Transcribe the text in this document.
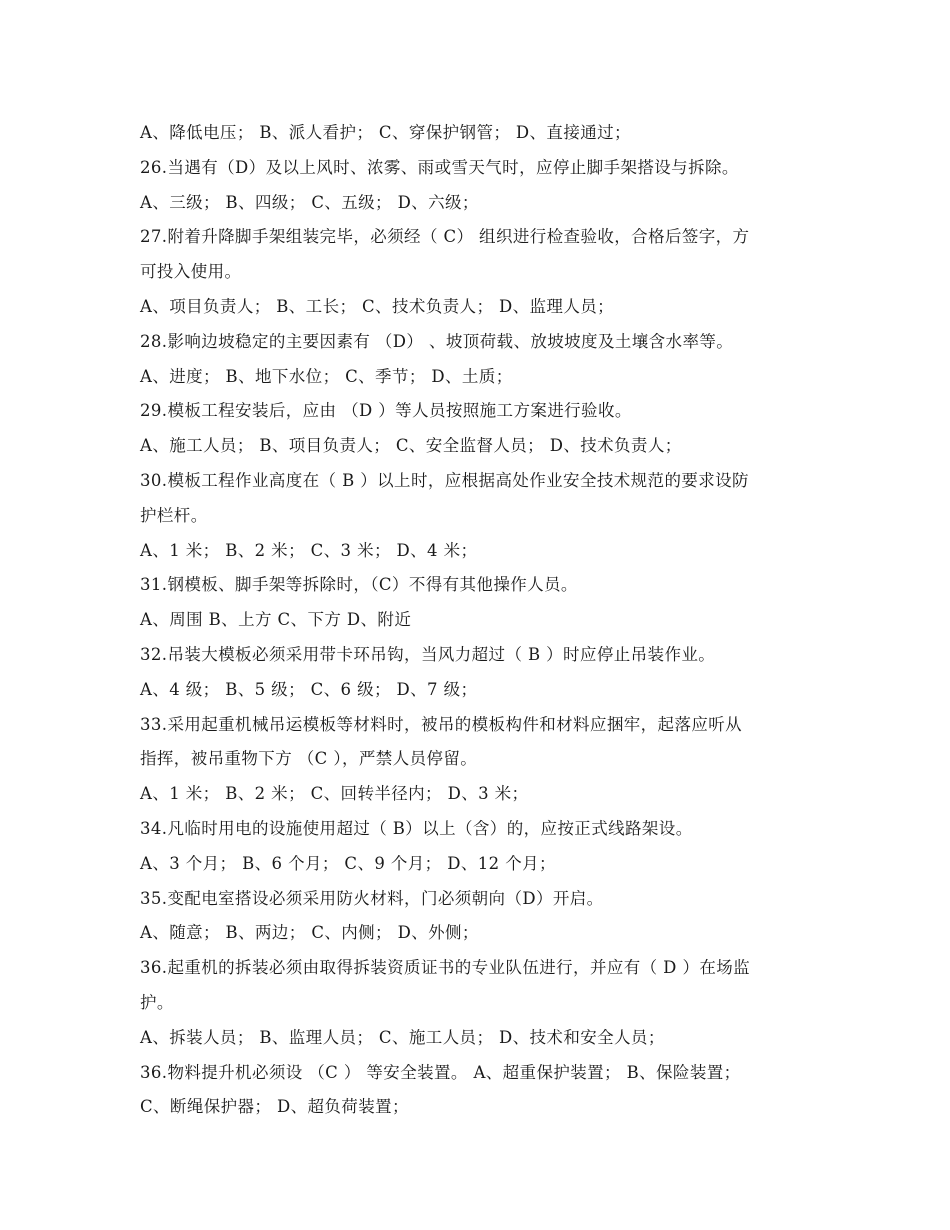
A、降低电压； B、派人看护； C、穿保护钢管； D、直接通过；
26.当遇有（D）及以上风时、浓雾、雨或雪天气时，应停止脚手架搭设与拆除。
A、三级； B、四级； C、五级； D、六级；
27.附着升降脚手架组装完毕，必须经（ C） 组织进行检查验收，合格后签字，方
可投入使用。
A、项目负责人； B、工长； C、技术负责人； D、监理人员；
28.影响边坡稳定的主要因素有 （D） 、坡顶荷载、放坡坡度及土壤含水率等。
A、进度； B、地下水位； C、季节； D、土质；
29.模板工程安装后，应由 （D ）等人员按照施工方案进行验收。
A、施工人员； B、项目负责人； C、安全监督人员； D、技术负责人；
30.模板工程作业高度在（ B ）以上时，应根据高处作业安全技术规范的要求设防
护栏杆。
A、1 米； B、2 米； C、3 米； D、4 米；
31.钢模板、脚手架等拆除时，（C）不得有其他操作人员。
A、周围 B、上方 C、下方 D、附近
32.吊装大模板必须采用带卡环吊钩，当风力超过（ B ）时应停止吊装作业。
A、4 级； B、5 级； C、6 级； D、7 级；
33.采用起重机械吊运模板等材料时，被吊的模板构件和材料应捆牢，起落应听从
指挥，被吊重物下方 （C ），严禁人员停留。
A、1 米； B、2 米； C、回转半径内； D、3 米；
34.凡临时用电的设施使用超过（ B）以上（含）的，应按正式线路架设。
A、3 个月； B、6 个月； C、9 个月； D、12 个月；
35.变配电室搭设必须采用防火材料，门必须朝向（D）开启。
A、随意； B、两边； C、内侧； D、外侧；
36.起重机的拆装必须由取得拆装资质证书的专业队伍进行，并应有（ D ）在场监
护。
A、拆装人员； B、监理人员； C、施工人员； D、技术和安全人员；
36.物料提升机必须设 （C ） 等安全装置。 A、超重保护装置； B、保险装置；
C、断绳保护器； D、超负荷装置；
